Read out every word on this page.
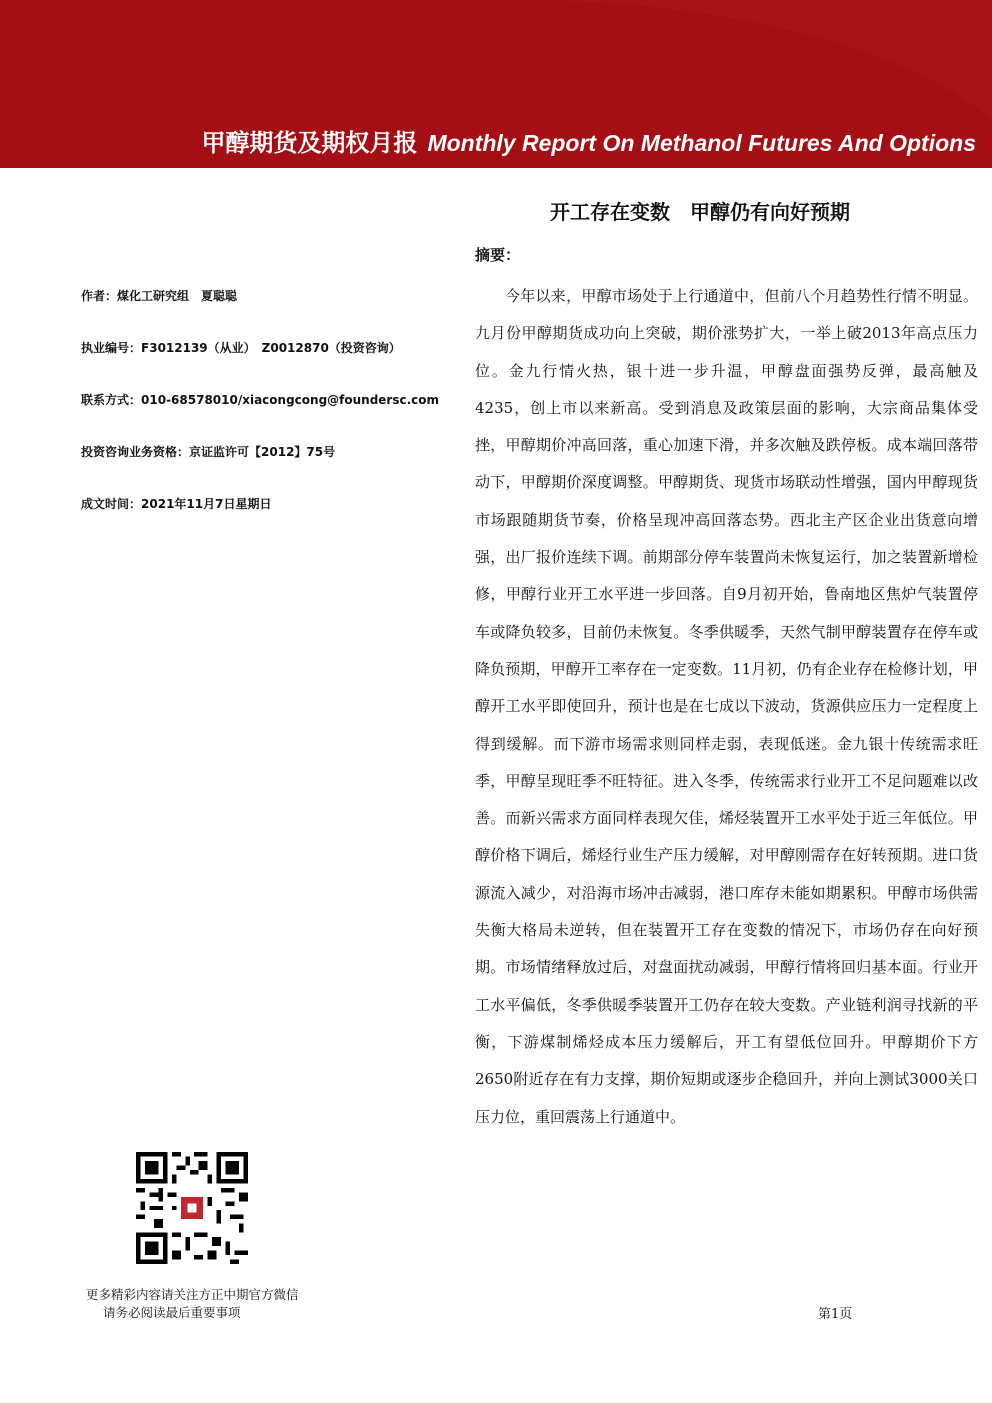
甲醇期货及期权月报 Monthly Report On Methanol Futures And Options
开工存在变数　甲醇仍有向好预期
摘要：
作者：煤化工研究组　夏聪聪
执业编号：F3012139（从业）　Z0012870（投资咨询）
联系方式：010-68578010/xiacongcong@foundersc.com
投资咨询业务资格：京证监许可【2012】75号
成文时间：2021年11月7日星期日

今年以来，甲醇市场处于上行通道中，但前八个月趋势性行情不明显。九月份甲醇期货成功向上突破，期价涨势扩大，一举上破2013年高点压力位。金九行情火热，银十进一步升温，甲醇盘面强势反弹，最高触及4235，创上市以来新高。受到消息及政策层面的影响，大宗商品集体受挫，甲醇期价冲高回落，重心加速下滑，并多次触及跌停板。成本端回落带动下，甲醇期价深度调整。甲醇期货、现货市场联动性增强，国内甲醇现货市场跟随期货节奏，价格呈现冲高回落态势。西北主产区企业出货意向增强，出厂报价连续下调。前期部分停车装置尚未恢复运行，加之装置新增检修，甲醇行业开工水平进一步回落。自9月初开始，鲁南地区焦炉气装置停车或降负较多，目前仍未恢复。冬季供暖季，天然气制甲醇装置存在停车或降负预期，甲醇开工率存在一定变数。11月初，仍有企业存在检修计划，甲醇开工水平即使回升，预计也是在七成以下波动，货源供应压力一定程度上得到缓解。而下游市场需求则同样走弱，表现低迷。金九银十传统需求旺季，甲醇呈现旺季不旺特征。进入冬季，传统需求行业开工不足问题难以改善。而新兴需求方面同样表现欠佳，烯烃装置开工水平处于近三年低位。甲醇价格下调后，烯烃行业生产压力缓解，对甲醇刚需存在好转预期。进口货源流入减少，对沿海市场冲击减弱，港口库存未能如期累积。甲醇市场供需失衡大格局未逆转，但在装置开工存在变数的情况下，市场仍存在向好预期。市场情绪释放过后，对盘面扰动减弱，甲醇行情将回归基本面。行业开工水平偏低，冬季供暖季装置开工仍存在较大变数。产业链利润寻找新的平衡，下游煤制烯烃成本压力缓解后，开工有望低位回升。甲醇期价下方2650附近存在有力支撑，期价短期或逐步企稳回升，并向上测试3000关口压力位，重回震荡上行通道中。

更多精彩内容请关注方正中期官方微信
请务必阅读最后重要事项	第1页
